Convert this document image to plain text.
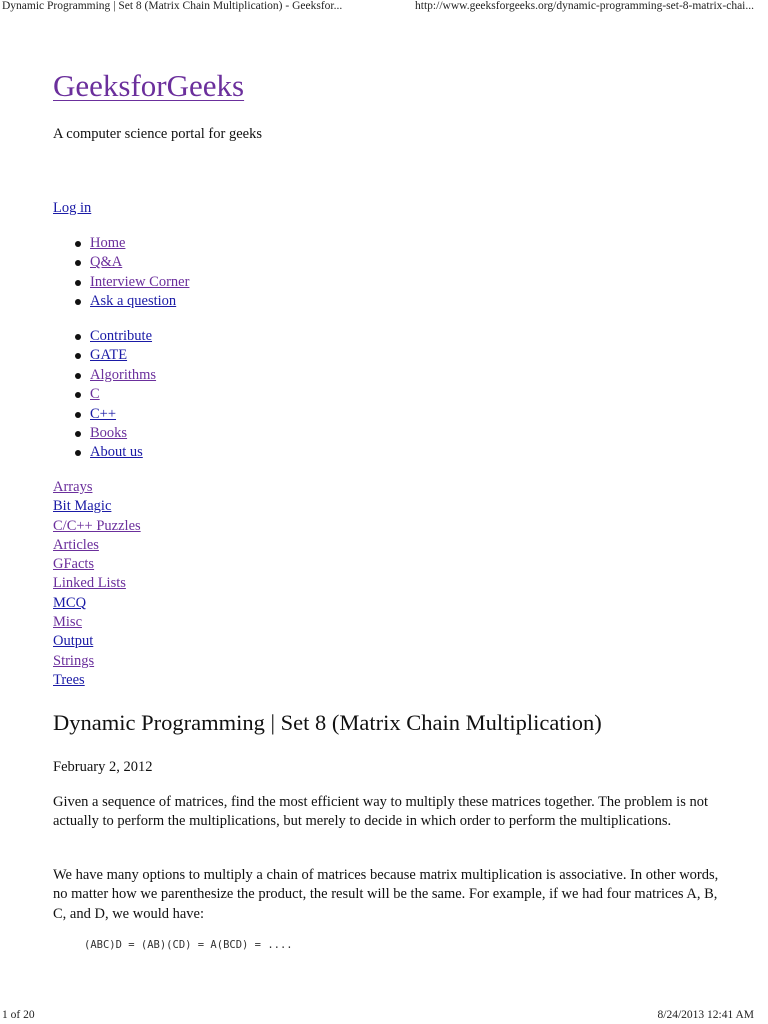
Dynamic Programming | Set 8 (Matrix Chain Multiplication) - Geeksfor...	http://www.geeksforgeeks.org/dynamic-programming-set-8-matrix-chai...
GeeksforGeeks
A computer science portal for geeks
Log in
Home
Q&A
Interview Corner
Ask a question
Contribute
GATE
Algorithms
C
C++
Books
About us
Arrays
Bit Magic
C/C++ Puzzles
Articles
GFacts
Linked Lists
MCQ
Misc
Output
Strings
Trees
Dynamic Programming | Set 8 (Matrix Chain Multiplication)
February 2, 2012

Given a sequence of matrices, find the most efficient way to multiply these matrices together. The problem is not actually to perform the multiplications, but merely to decide in which order to perform the multiplications.

We have many options to multiply a chain of matrices because matrix multiplication is associative. In other words, no matter how we parenthesize the product, the result will be the same. For example, if we had four matrices A, B, C, and D, we would have:

(ABC)D = (AB)(CD) = A(BCD) = ....
1 of 20	8/24/2013 12:41 AM
